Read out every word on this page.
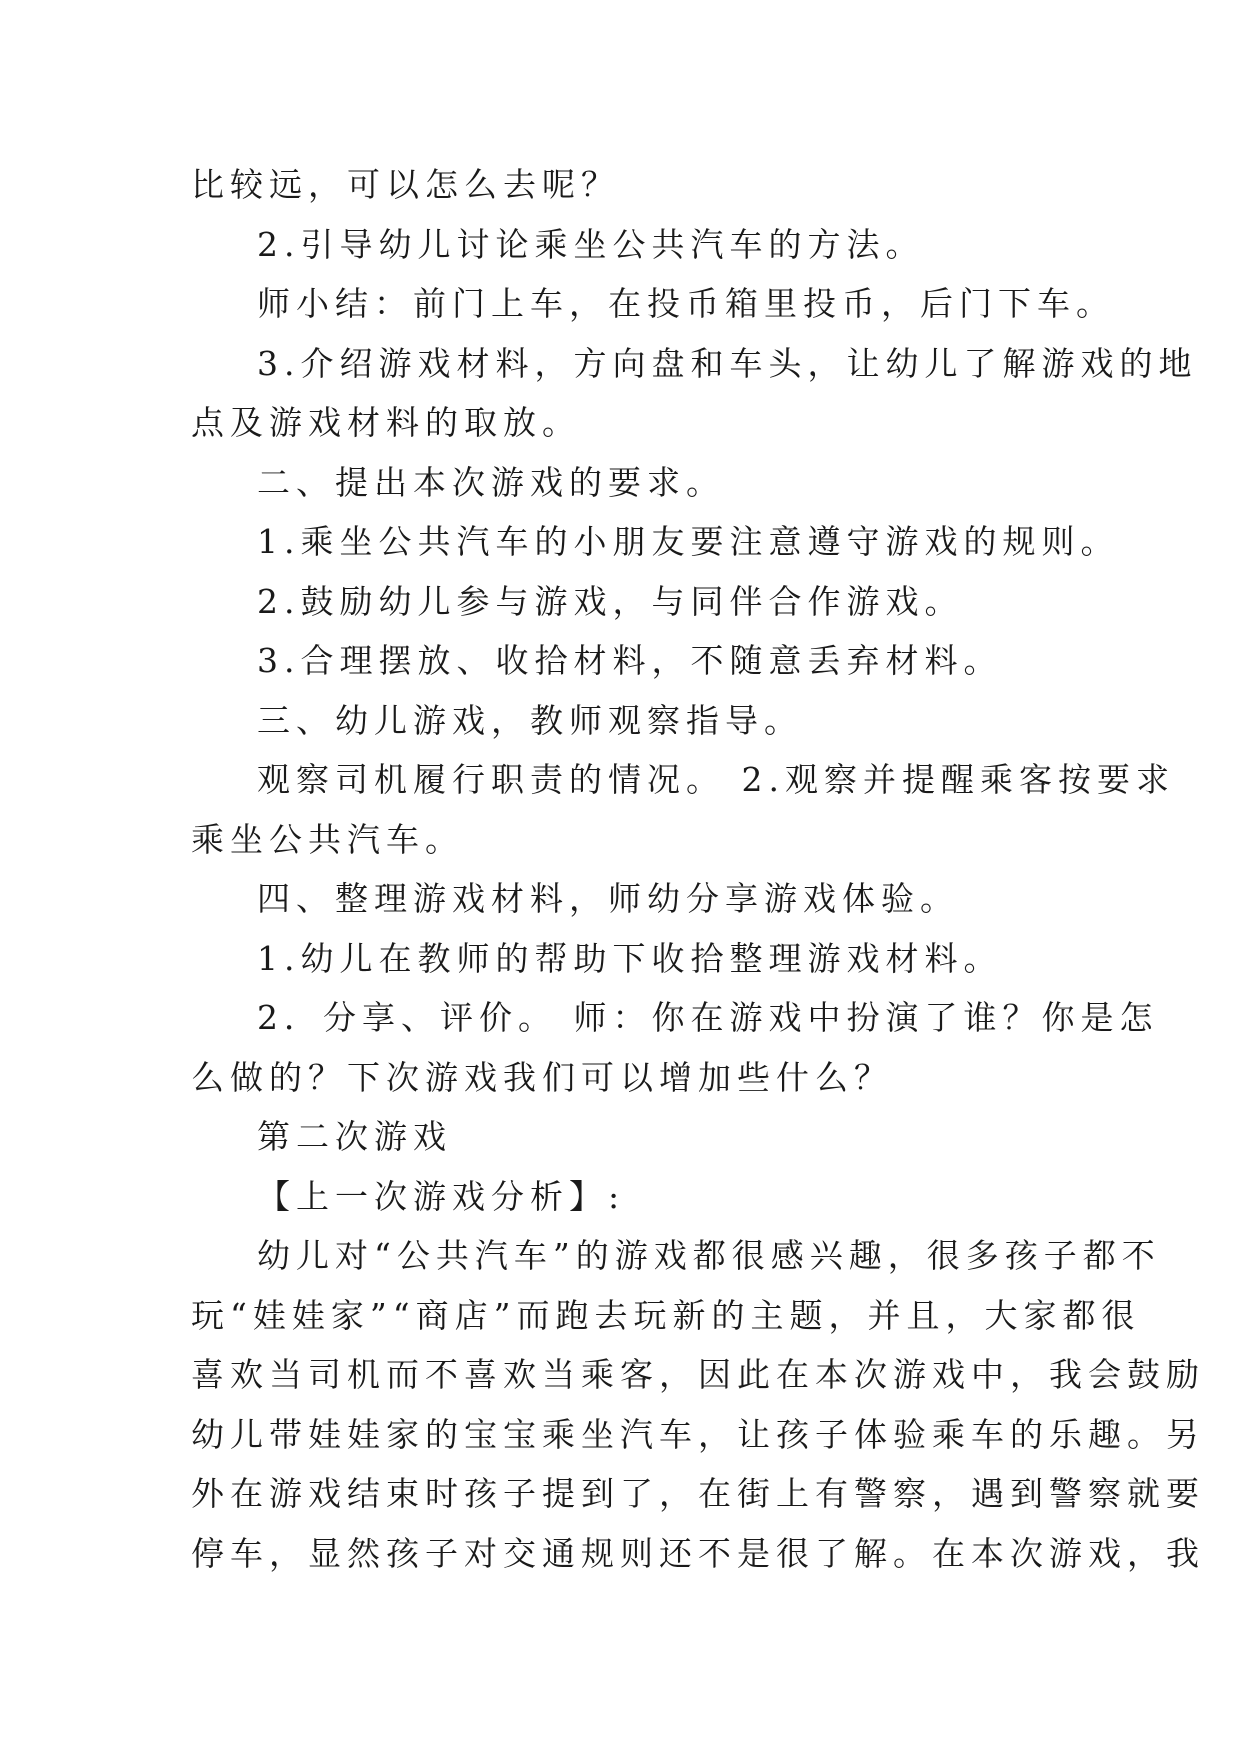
比较远，可以怎么去呢？
2.引导幼儿讨论乘坐公共汽车的方法。
师小结：前门上车，在投币箱里投币，后门下车。
3.介绍游戏材料，方向盘和车头，让幼儿了解游戏的地
点及游戏材料的取放。
二、提出本次游戏的要求。
1.乘坐公共汽车的小朋友要注意遵守游戏的规则。
2.鼓励幼儿参与游戏，与同伴合作游戏。
3.合理摆放、收拾材料，不随意丢弃材料。
三、幼儿游戏，教师观察指导。
观察司机履行职责的情况。 2.观察并提醒乘客按要求
乘坐公共汽车。
四、整理游戏材料，师幼分享游戏体验。
1.幼儿在教师的帮助下收拾整理游戏材料。
2．分享、评价。 师：你在游戏中扮演了谁？你是怎
么做的？下次游戏我们可以增加些什么？
第二次游戏
【上一次游戏分析】:
幼儿对“公共汽车”的游戏都很感兴趣，很多孩子都不
玩“娃娃家”“商店”而跑去玩新的主题，并且，大家都很
喜欢当司机而不喜欢当乘客，因此在本次游戏中，我会鼓励
幼儿带娃娃家的宝宝乘坐汽车，让孩子体验乘车的乐趣。另
外在游戏结束时孩子提到了，在街上有警察，遇到警察就要
停车，显然孩子对交通规则还不是很了解。在本次游戏，我
